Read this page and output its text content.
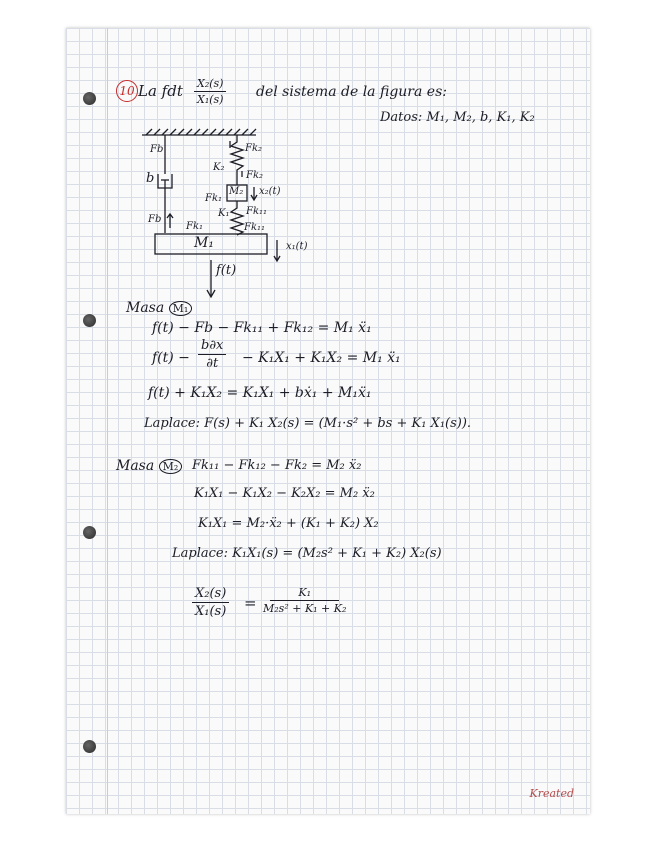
10 La fdt $\frac{\text{X₂(s)}}{\text{X₁(s)}}$ del sistema de la figura es:
Datos: M₁, M₂, b, K₁, K₂
Fb
b
Fb
K₂
Fk₂
Fk₂
M₂ x₂(t)
Fk₁
K₁ Fk₁₁
Fk₁	Fk₁₁
M₁	x₁(t)
f(t)
Masa M₁
f(t) − Fb − Fk₁₁ + Fk₁₂ = M₁ ẍ₁
$f(t) - \frac{b\partial x}{\partial t} - K_1X_1 + K_1X_2 = M_1$ ẍ₁
f(t) + K₁X₂ = K₁X₁ + bẋ₁ + M₁ẍ₁
Laplace: F(s) + K₁ X₂(s) = (M₁·s² + bs + K₁ X₁(s)).
Masa M₂	Fk₁₁ − Fk₁₂ − Fk₂ = M₂ ẍ₂
K₁X₁ − K₁X₂ − K₂X₂ = M₂ ẍ₂
K₁X₁ = M₂·ẍ₂ + (K₁ + K₂) X₂
Laplace: K₁X₁(s) = (M₂s² + K₁ + K₂) X₂(s)
$\frac{\text{X₂(s)}}{\text{X₁(s)}} = \frac{\text{K₁}}{\text{M₂s² + K₁ + K₂}}$
Kreated
